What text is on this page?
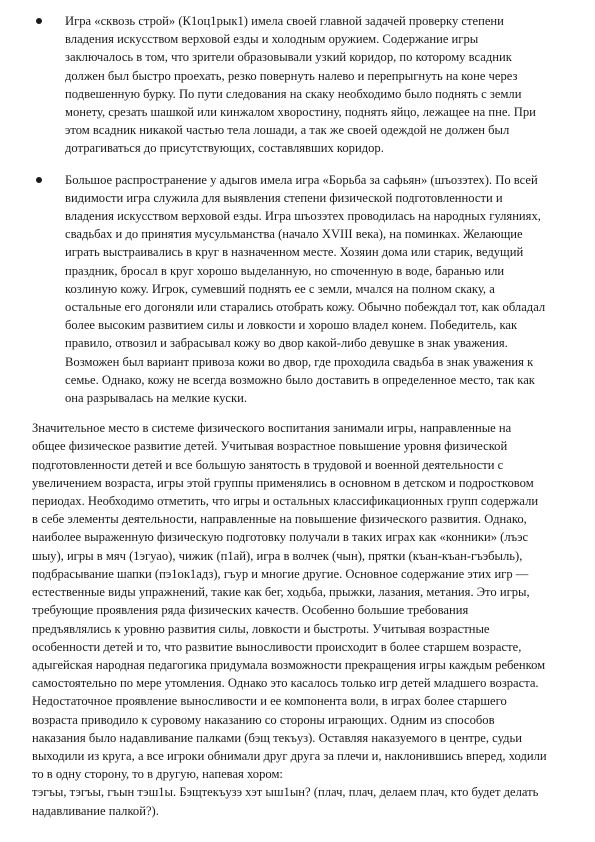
Игра «сквозь строй» (К1оц1рык1) имела своей главной задачей проверку степени владения искусством верховой езды и холодным оружием. Содержание игры заключалось в том, что зрители образовывали узкий коридор, по которому всадник должен был быстро проехать, резко повернуть налево и перепрыгнуть на коне через подвешенную бурку. По пути следования на скаку необходимо было поднять с земли монету, срезать шашкой или кинжалом хворостину, поднять яйцо, лежащее на пне. При этом всадник никакой частью тела лошади, а так же своей одеждой не должен был дотрагиваться до присутствующих, составлявших коридор.

Большое распространение у адыгов имела игра «Борьба за сафьян» (шъозэтех). По всей видимости игра служила для выявления степени физической подготовленности и владения искусством верховой езды. Игра шъозэтех проводилась на народных гуляниях, свадьбах и до принятия мусульманства (начало XVIII века), на поминках. Желающие играть выстраивались в круг в назначенном месте. Хозяин дома или старик, ведущий праздник, бросал в круг хорошо выделанную, но сmоченную в воде, баранью или козлиную кожу. Игрок, сумевший поднять ее с земли, мчался на полном скаку, а остальные его догоняли или старались отобрать кожу. Обычно побеждал тот, как обладал более высоким развитием силы и ловкости и хорошо владел конем. Победитель, как правило, отвозил и забрасывал кожу во двор какой-либо девушке в знак уважения. Возможен был вариант привоза кожи во двор, где проходила свадьба в знак уважения к семье. Однако, кожу не всегда возможно было доставить в определенное место, так как она разрывалась на мелкие куски.

Значительное место в системе физического воспитания занимали игры, направленные на общее физическое развитие детей. Учитывая возрастное повышение уровня физической подготовленности детей и все большую занятость в трудовой и военной деятельности с увеличением возраста, игры этой группы применялись в основном в детском и подростковом периодах. Необходимо отметить, что игры и остальных классификационных групп содержали в себе элементы деятельности, направленные на повышение физического развития. Однако, наиболее выраженную физическую подготовку получали в таких играх как «конники» (лъэс шыу), игры в мяч (1эгуао), чижик (п1ай), игра в волчек (чын), прятки (къан-къан-гъэбыль), подбрасывание шапки (пэ1ок1адз), гъур и многие другие. Основное содержание этих игр — естественные виды упражнений, такие как бег, ходьба, прыжки, лазания, метания. Это игры, требующие проявления ряда физических качеств. Особенно большие требования предъявлялись к уровню развития силы, ловкости и быстроты. Учитывая возрастные особенности детей и то, что развитие выносливости происходит в более старшем возрасте, адыгейская народная педагогика придумала возможности прекращения игры каждым ребенком самостоятельно по мере утомления. Однако это касалось только игр детей младшего возраста. Недостаточное проявление выносливости и ее компонента воли, в играх более старшего возраста приводило к суровому наказанию со стороны играющих. Одним из способов наказания было надавливание палками (бэщ текъуз). Оставляя наказуемого в центре, судьи выходили из круга, а все игроки обнимали друг друга за плечи и, наклонившись вперед, ходили то в одну сторону, то в другую, напевая хором:
тэгъы, тэгъы, гъын тэш1ы. Бэщтекъузэ хэт ыш1ын? (плач, плач, делаем плач, кто будет делать надавливание палкой?).
